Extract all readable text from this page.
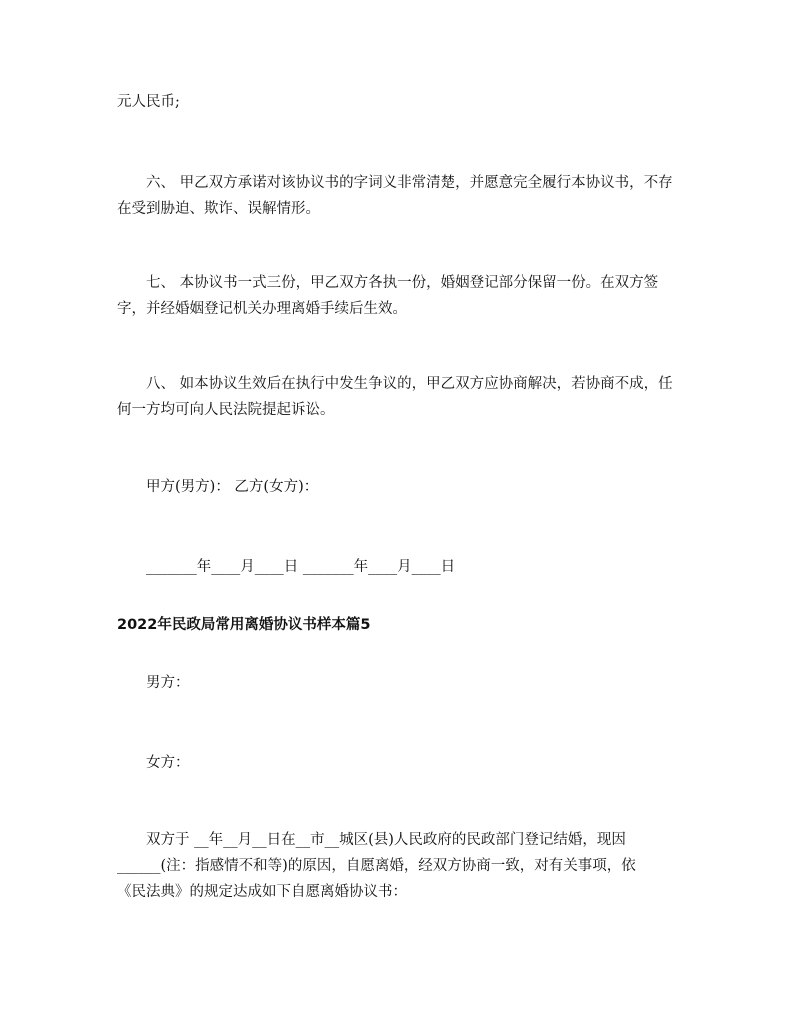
元人民币;

六、 甲乙双方承诺对该协议书的字词义非常清楚，并愿意完全履行本协议书，不存在受到胁迫、欺诈、误解情形。

七、 本协议书一式三份，甲乙双方各执一份，婚姻登记部分保留一份。在双方签字，并经婚姻登记机关办理离婚手续后生效。

八、 如本协议生效后在执行中发生争议的，甲乙双方应协商解决，若协商不成，任何一方均可向人民法院提起诉讼。

甲方(男方)： 乙方(女方)：

_______年____月____日 _______年____月____日

2022年民政局常用离婚协议书样本篇5

男方：

女方：

双方于 __年__月__日在__市__城区(县)人民政府的民政部门登记结婚，现因

______(注：指感情不和等)的原因，自愿离婚，经双方协商一致，对有关事项，依

《民法典》的规定达成如下自愿离婚协议书：
